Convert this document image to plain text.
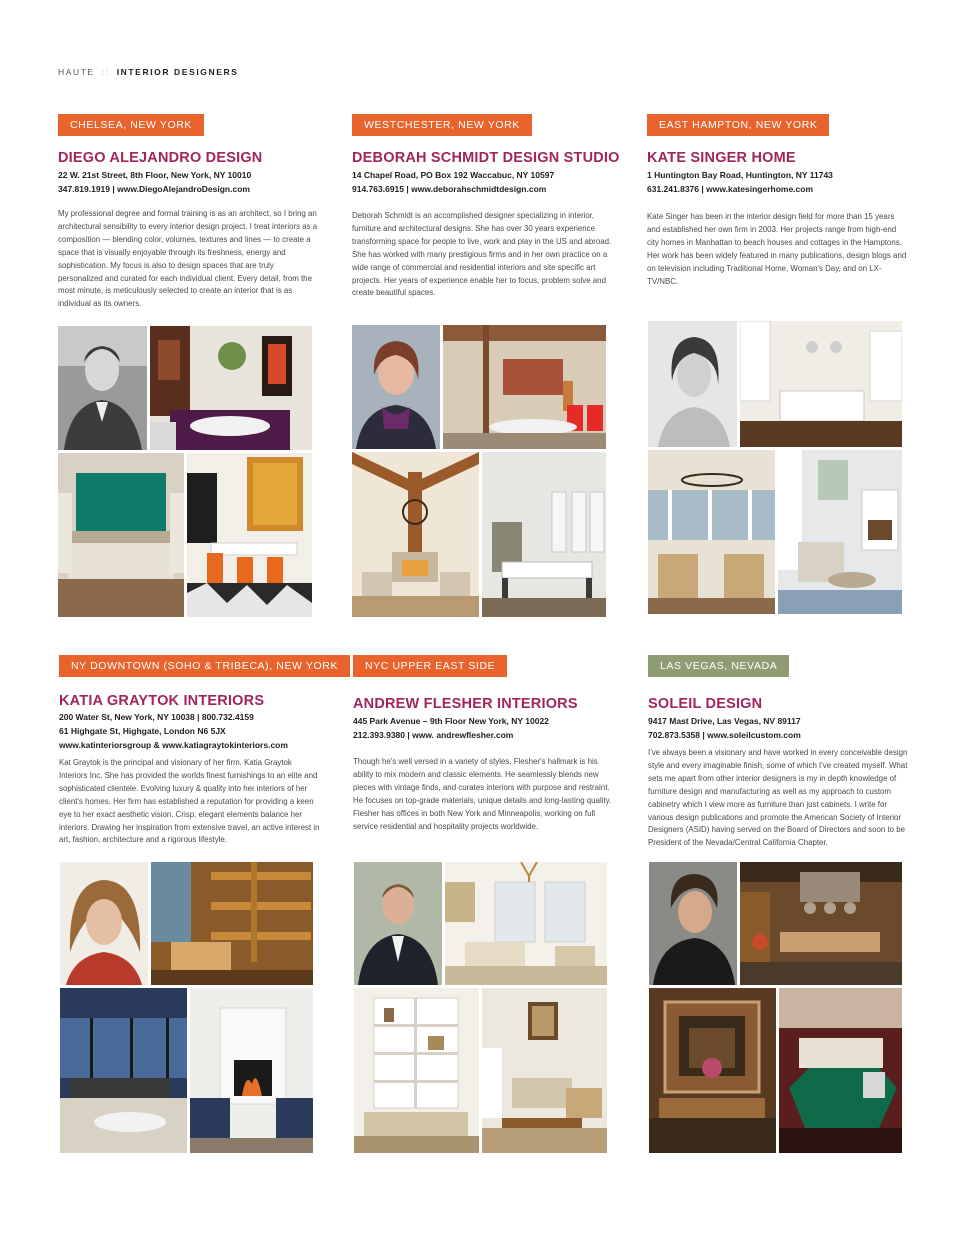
HAUTE :: INTERIOR DESIGNERS
CHELSEA, NEW YORK
DIEGO ALEJANDRO DESIGN
22 W. 21st Street, 8th Floor, New York, NY 10010
347.819.1919 | www.DiegoAlejandroDesign.com

My professional degree and formal training is as an architect, so I bring an architectural sensibility to every interior design project. I treat interiors as a composition — blending color, volumes, textures and lines — to create a space that is visually enjoyable through its freshness, energy and sophistication. My focus is also to design spaces that are truly personalized and curated for each individual client. Every detail, from the most minute, is meticulously selected to create an interior that is as individual as its owners.

WESTCHESTER, NEW YORK
DEBORAH SCHMIDT DESIGN STUDIO
14 Chapel Road, PO Box 192 Waccabuc, NY 10597
914.763.6915 | www.deborahschmidtdesign.com

Deborah Schmidt is an accomplished designer specializing in interior, furniture and architectural designs. She has over 30 years experience transforming space for people to live, work and play in the US and abroad. She has worked with many prestigious firms and in her own practice on a wide range of commercial and residential interiors and site specific art projects. Her years of experience enable her to focus, problem solve and create beautiful spaces.

EAST HAMPTON, NEW YORK
KATE SINGER HOME
1 Huntington Bay Road, Huntington, NY 11743
631.241.8376 | www.katesingerhome.com

Kate Singer has been in the interior design field for more than 15 years and established her own firm in 2003. Her projects range from high-end city homes in Manhattan to beach houses and cottages in the Hamptons. Her work has been widely featured in many publications, design blogs and on television including Traditional Home, Woman's Day, and on LX-TV/NBC.

NY DOWNTOWN (SOHO & TRIBECA), NEW YORK
KATIA GRAYTOK INTERIORS
200 Water St, New York, NY 10038 | 800.732.4159
61 Highgate St, Highgate, London N6 5JX
www.katinteriorsgroup & www.katiagraytokinteriors.com

Kat Graytok is the principal and visionary of her firm. Katia Graytok Interiors Inc. She has provided the worlds finest furnishings to an elite and sophisticated clientele. Evolving luxury & quality into her interiors of her client's homes. Her firm has established a reputation for providing a keen eye to her exact aesthetic vision. Crisp, elegant elements balance her interiors. Drawing her inspiration from extensive travel, an active interest in art, fashion, architecture and a rigorous lifestyle.

NYC UPPER EAST SIDE
ANDREW FLESHER INTERIORS
445 Park Avenue – 9th Floor New York, NY 10022
212.393.9380 | www. andrewflesher.com

Though he's well versed in a variety of styles, Flesher's hallmark is his ability to mix modern and classic elements. He seamlessly blends new pieces with vintage finds, and curates interiors with purpose and restraint. He focuses on top-grade materials, unique details and long-lasting quality. Flesher has offices in both New York and Minneapolis, working on full service residential and hospitality projects worldwide.

LAS VEGAS, NEVADA
SOLEIL DESIGN
9417 Mast Drive, Las Vegas, NV 89117
702.873.5358 | www.soleilcustom.com

I've always been a visionary and have worked in every conceivable design style and every imaginable finish, some of which I've created myself. What sets me apart from other interior designers is my in depth knowledge of furniture design and manufacturing as well as my approach to custom cabinetry which I view more as furniture than just cabinets. I write for various design publications and promote the American Society of Interior Designers (ASID) having served on the Board of Directors and soon to be President of the Nevada/Central California Chapter.
